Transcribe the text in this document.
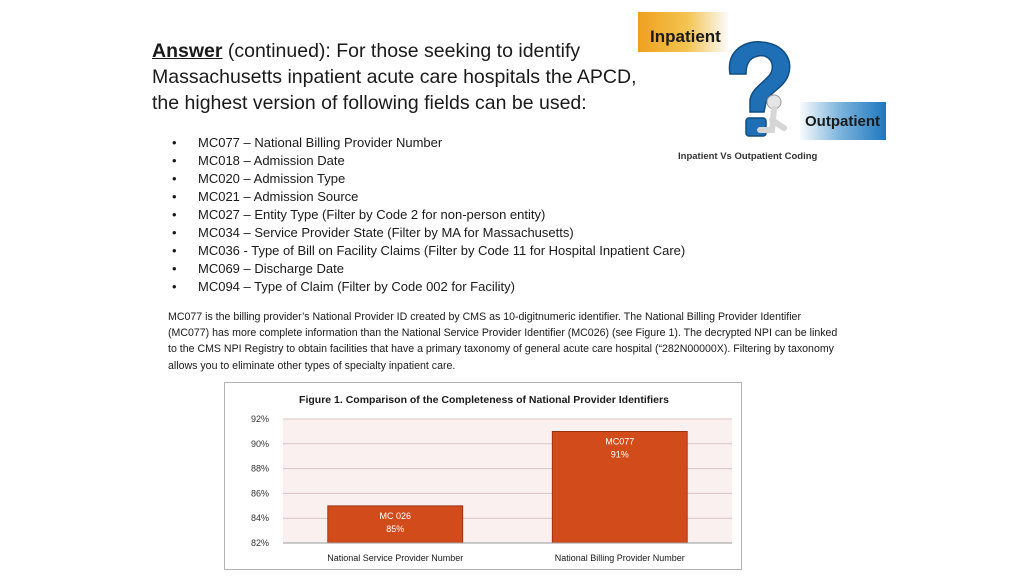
Answer (continued): For those seeking to identify Massachusetts inpatient acute care hospitals the APCD, the highest version of following fields can be used:
• MC077 – National Billing Provider Number
• MC018 – Admission Date
• MC020 – Admission Type
• MC021 – Admission Source
• MC027 – Entity Type (Filter by Code 2 for non-person entity)
• MC034 – Service Provider State (Filter by MA for Massachusetts)
• MC036 - Type of Bill on Facility Claims (Filter by Code 11 for Hospital Inpatient Care)
• MC069 – Discharge Date
• MC094 – Type of Claim (Filter by Code 002 for Facility)
MC077 is the billing provider’s National Provider ID created by CMS as 10-digitnumeric identifier. The National Billing Provider Identifier (MC077) has more complete information than the National Service Provider Identifier (MC026) (see Figure 1). The decrypted NPI can be linked to the CMS NPI Registry to obtain facilities that have a primary taxonomy of general acute care hospital (“282N00000X). Filtering by taxonomy allows you to eliminate other types of specialty inpatient care.
Inpatient
Outpatient
Inpatient Vs Outpatient Coding
Figure 1. Comparison of the Completeness of National Provider Identifiers
82%
84%
86%
88%
90%
92%
MC 026
85%
National Service Provider Number
MC077
91%
National Billing Provider Number
